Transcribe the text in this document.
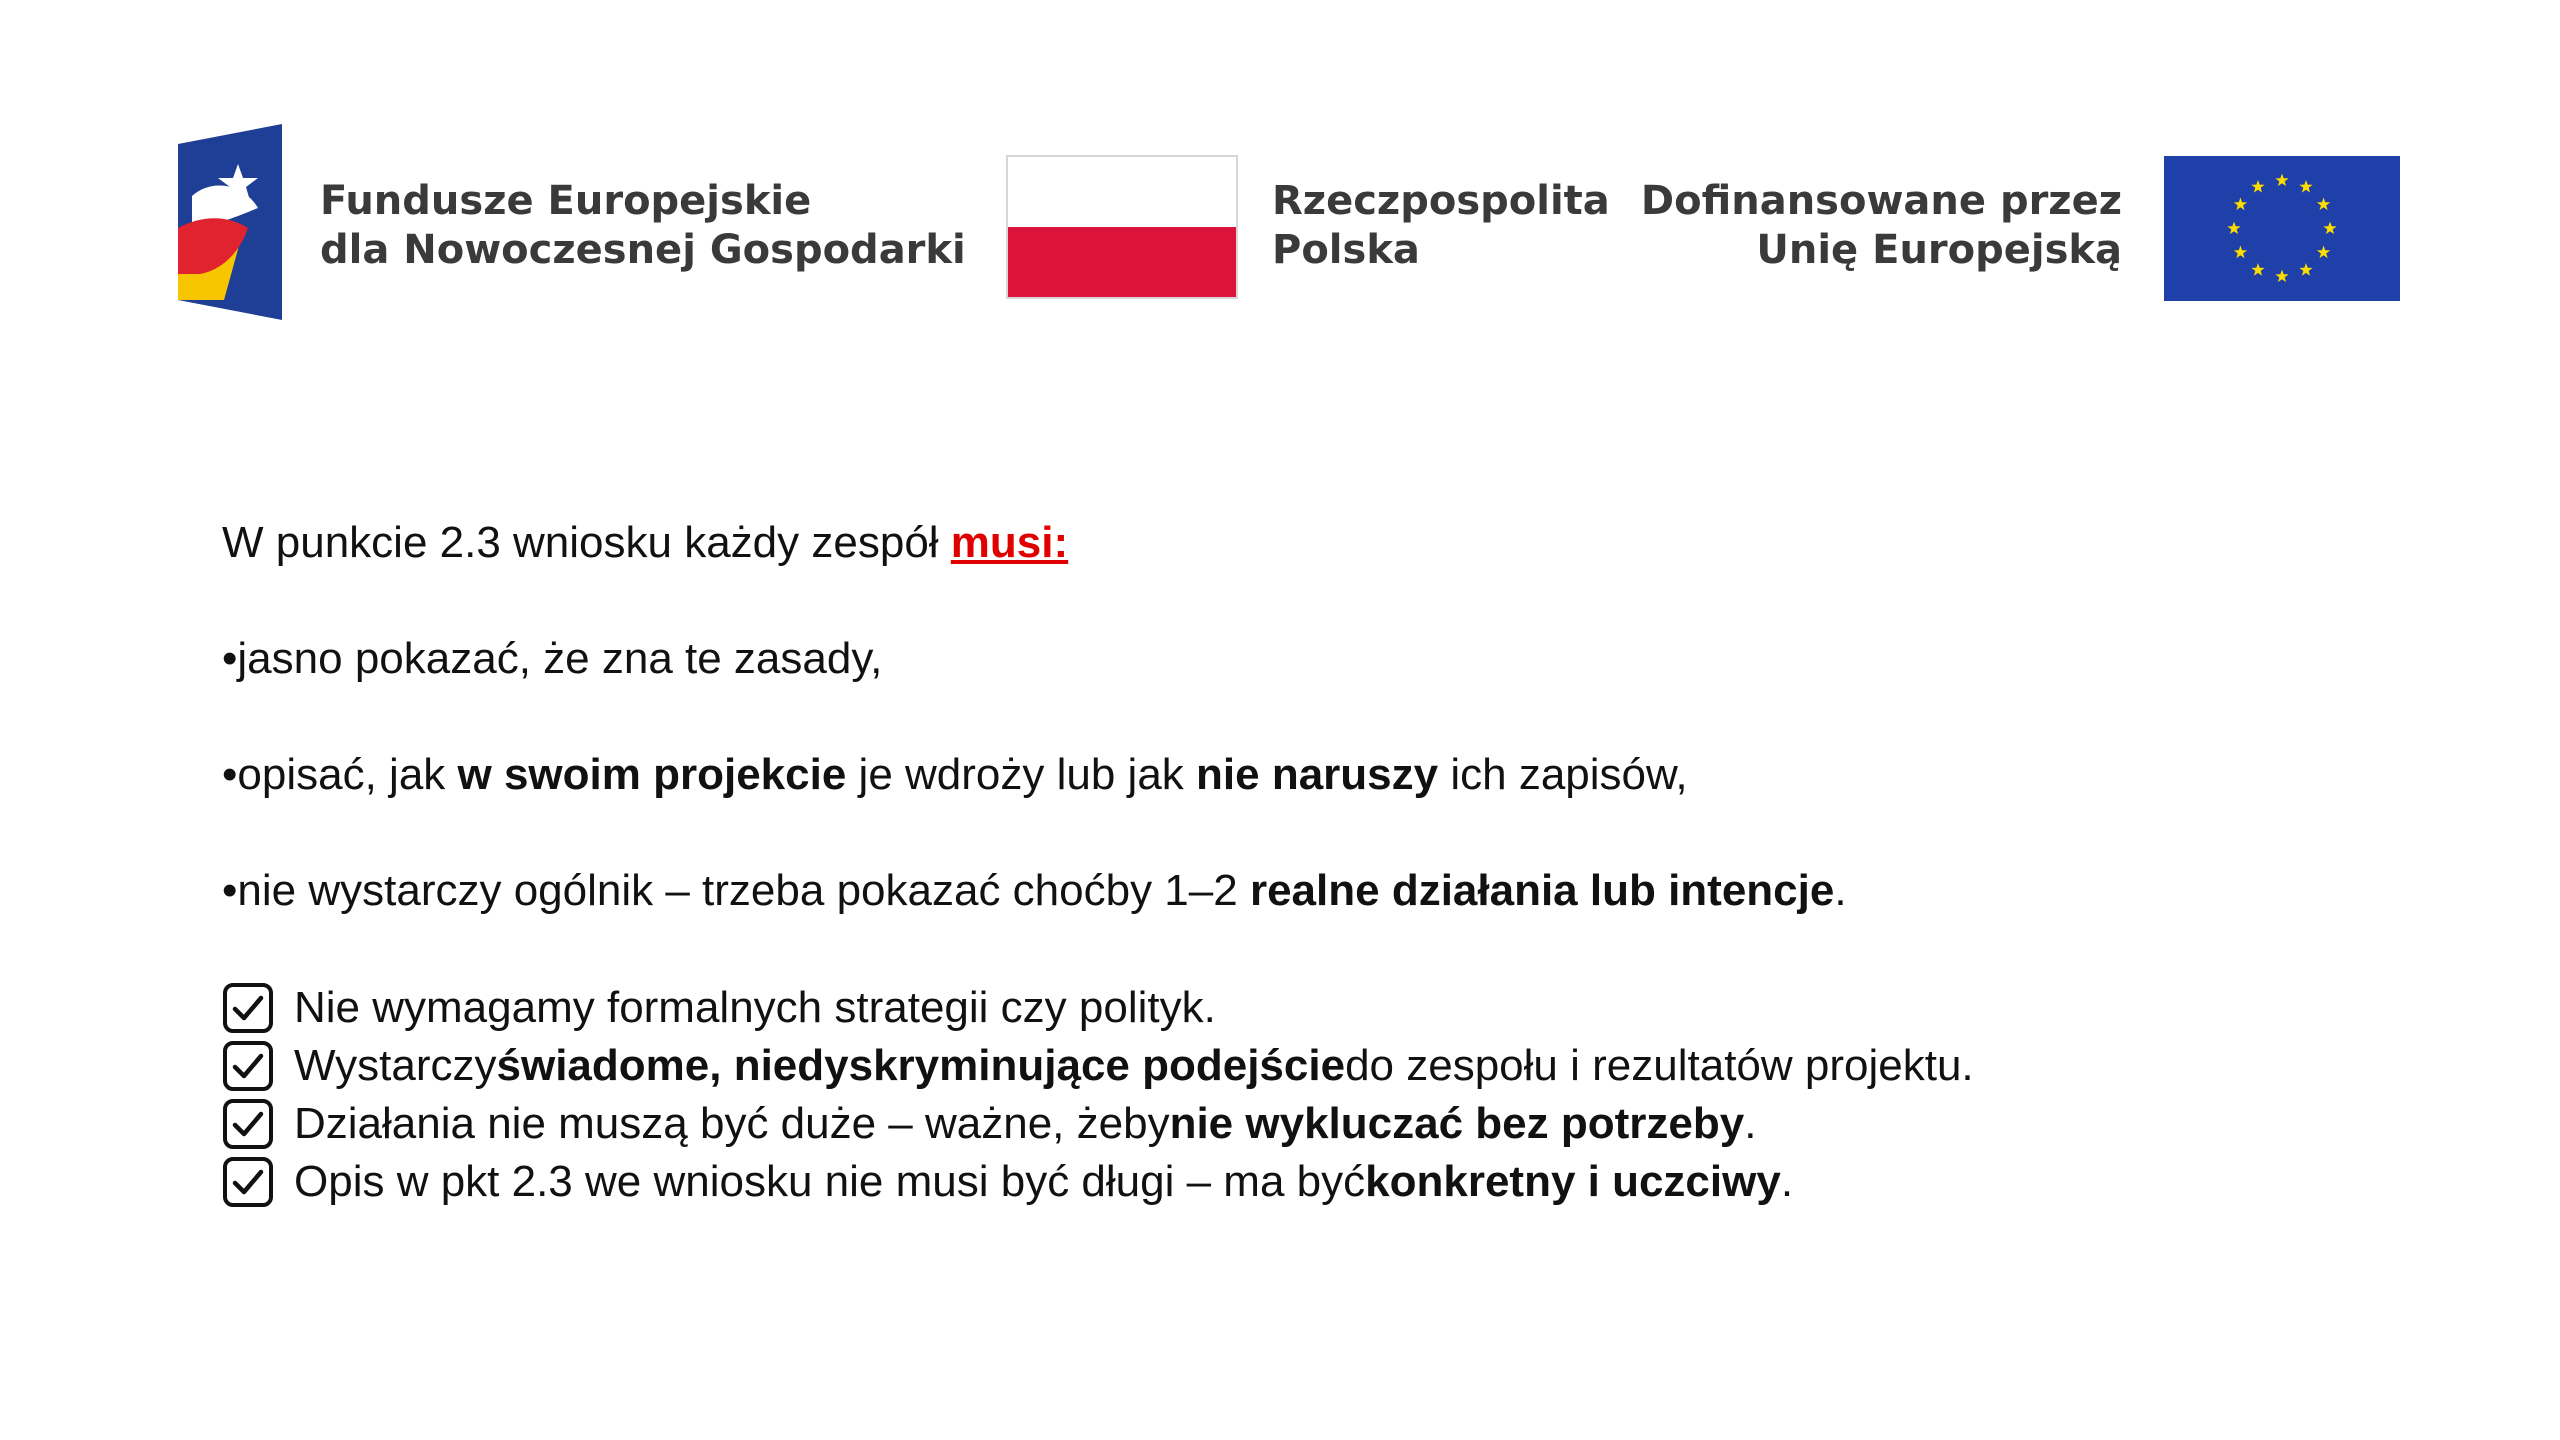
Fundusze Europejskie
dla Nowoczesnej Gospodarki
Rzeczpospolita
Polska
Dofinansowane przez
Unię Europejską
W punkcie 2.3 wniosku każdy zespół musi:
•jasno pokazać, że zna te zasady,
•opisać, jak w swoim projekcie je wdroży lub jak nie naruszy ich zapisów,
•nie wystarczy ogólnik – trzeba pokazać choćby 1–2 realne działania lub intencje.
Nie wymagamy formalnych strategii czy polityk.
Wystarczy świadome, niedyskryminujące podejście do zespołu i rezultatów projektu.
Działania nie muszą być duże – ważne, żeby nie wykluczać bez potrzeby .
Opis w pkt 2.3 we wniosku nie musi być długi – ma być konkretny i uczciwy .
